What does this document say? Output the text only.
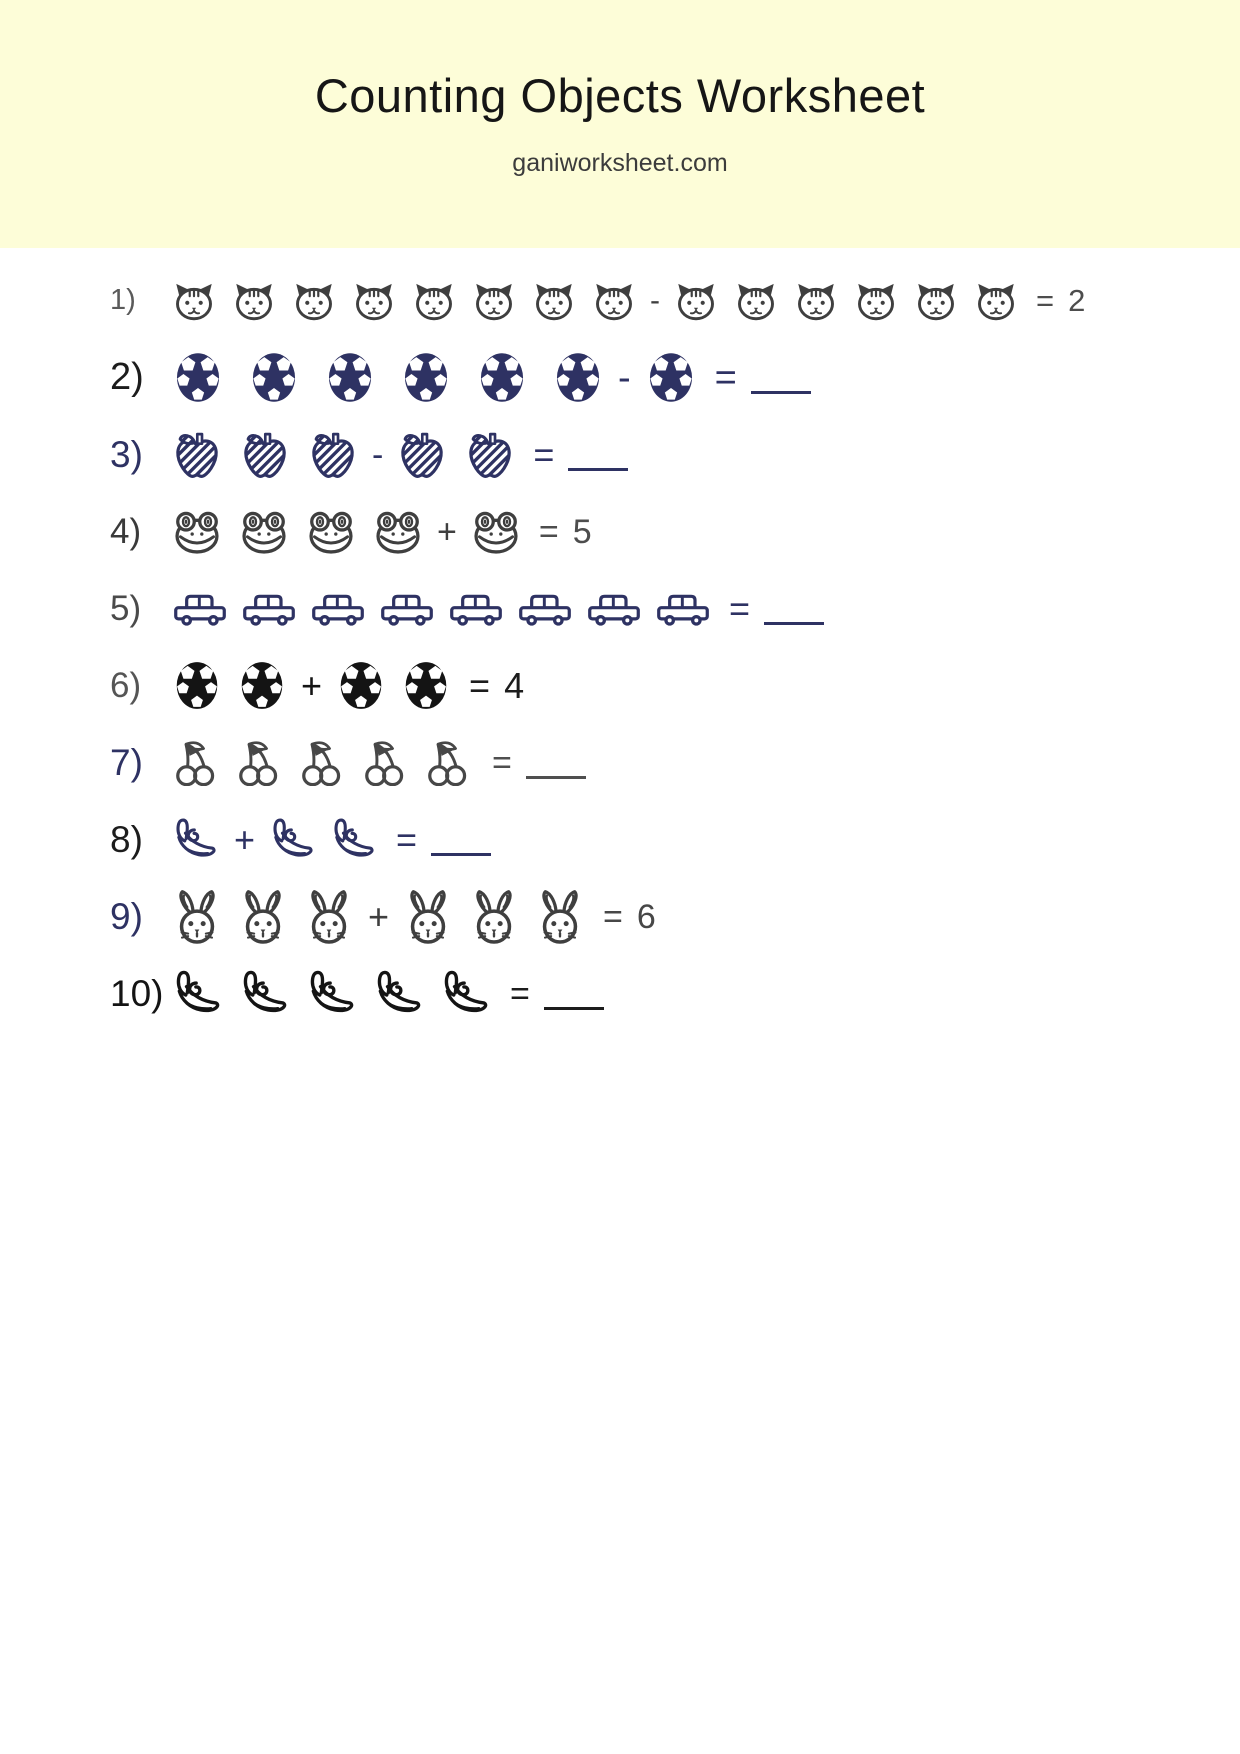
Counting Objects Worksheet
ganiworksheet.com
1)	-	= 2
2)	- =
3)	-	=
4)	+ = 5
5)	=
6)	+	= 4
7)	=
8)	+	=
9)	+	= 6
10)	=
